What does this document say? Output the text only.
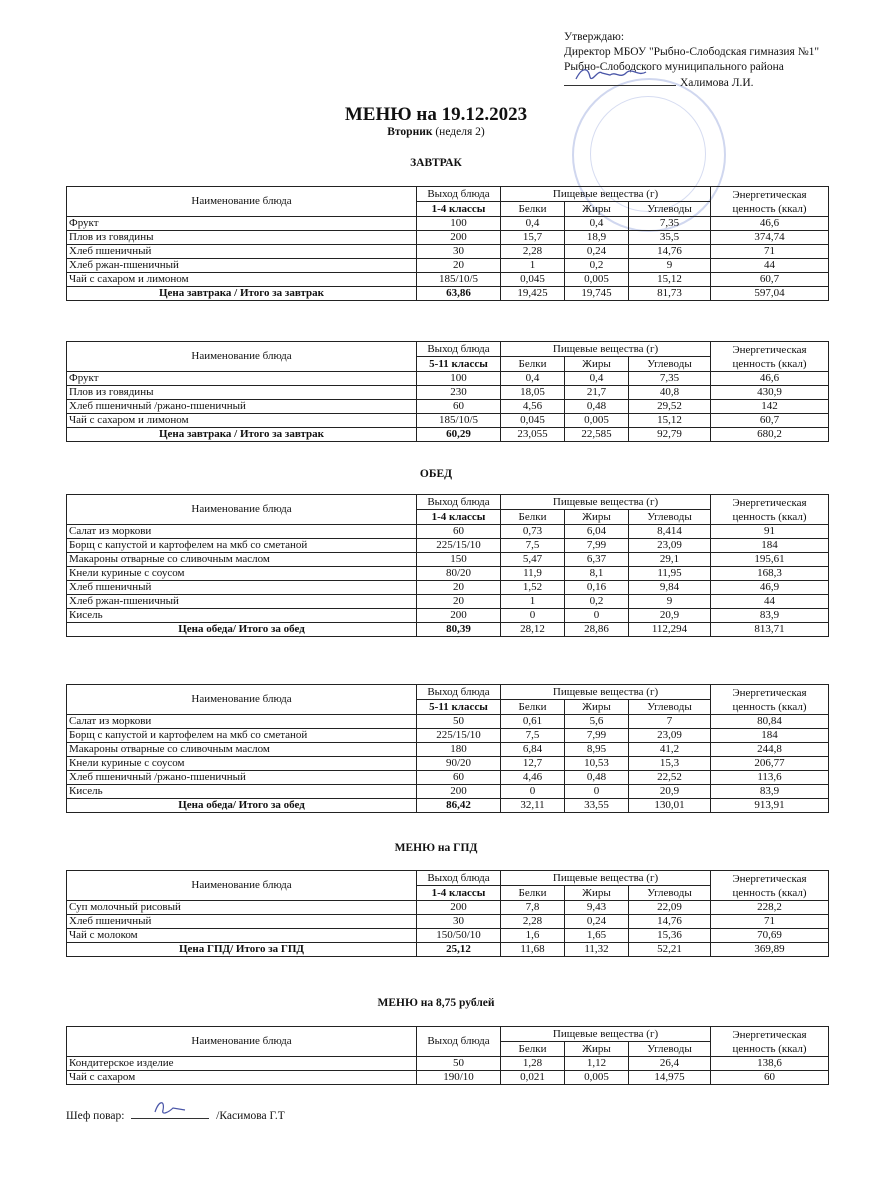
Утверждаю:
Директор МБОУ "Рыбно-Слободская гимназия №1"
Рыбно-Слободского муниципального района
Халимова Л.И.
МЕНЮ на 19.12.2023
Вторник (неделя 2)
ЗАВТРАК
ОБЕД
МЕНЮ на ГПД
МЕНЮ на 8,75 рублей
Наименование блюда	Выход блюда	Пищевые вещества (г)			Энергетическая ценность (ккал)
	1-4 классы	Белки	Жиры	Углеводы	
Фрукт	100	0,4	0,4	7,35	46,6
Плов из говядины	200	15,7	18,9	35,5	374,74
Хлеб пшеничный	30	2,28	0,24	14,76	71
Хлеб ржан-пшеничный	20	1	0,2	9	44
Чай с сахаром и лимоном	185/10/5	0,045	0,005	15,12	60,7
Цена завтрака / Итого за завтрак	63,86	19,425	19,745	81,73	597,04
Наименование блюда	Выход блюда	Пищевые вещества (г)			Энергетическая ценность (ккал)
	5-11 классы	Белки	Жиры	Углеводы	
Фрукт	100	0,4	0,4	7,35	46,6
Плов из говядины	230	18,05	21,7	40,8	430,9
Хлеб пшеничный /ржано-пшеничный	60	4,56	0,48	29,52	142
Чай с сахаром и лимоном	185/10/5	0,045	0,005	15,12	60,7
Цена завтрака / Итого за завтрак	60,29	23,055	22,585	92,79	680,2
Наименование блюда	Выход блюда	Пищевые вещества (г)			Энергетическая ценность (ккал)
	1-4 классы	Белки	Жиры	Углеводы	
Салат из моркови	60	0,73	6,04	8,414	91
Борщ с капустой и картофелем на мкб со сметаной	225/15/10	7,5	7,99	23,09	184
Макароны отварные со сливочным маслом	150	5,47	6,37	29,1	195,61
Кнели куриные с соусом	80/20	11,9	8,1	11,95	168,3
Хлеб пшеничный	20	1,52	0,16	9,84	46,9
Хлеб ржан-пшеничный	20	1	0,2	9	44
Кисель	200	0	0	20,9	83,9
Цена обеда/ Итого за обед	80,39	28,12	28,86	112,294	813,71
Наименование блюда	Выход блюда	Пищевые вещества (г)			Энергетическая ценность (ккал)
	5-11 классы	Белки	Жиры	Углеводы	
Салат из моркови	50	0,61	5,6	7	80,84
Борщ с капустой и картофелем на мкб со сметаной	225/15/10	7,5	7,99	23,09	184
Макароны отварные со сливочным маслом	180	6,84	8,95	41,2	244,8
Кнели куриные с соусом	90/20	12,7	10,53	15,3	206,77
Хлеб пшеничный /ржано-пшеничный	60	4,46	0,48	22,52	113,6
Кисель	200	0	0	20,9	83,9
Цена обеда/ Итого за обед	86,42	32,11	33,55	130,01	913,91
Наименование блюда	Выход блюда	Пищевые вещества (г)			Энергетическая ценность (ккал)
	1-4 классы	Белки	Жиры	Углеводы	
Суп молочный рисовый	200	7,8	9,43	22,09	228,2
Хлеб пшеничный	30	2,28	0,24	14,76	71
Чай с молоком	150/50/10	1,6	1,65	15,36	70,69
Цена ГПД/ Итого за ГПД	25,12	11,68	11,32	52,21	369,89
Наименование блюда	Выход блюда	Пищевые вещества (г)			Энергетическая ценность (ккал)
		Белки	Жиры	Углеводы	
Кондитерское изделие	50	1,28	1,12	26,4	138,6
Чай с сахаром	190/10	0,021	0,005	14,975	60
Шеф повар:	/Касимова Г.Т
